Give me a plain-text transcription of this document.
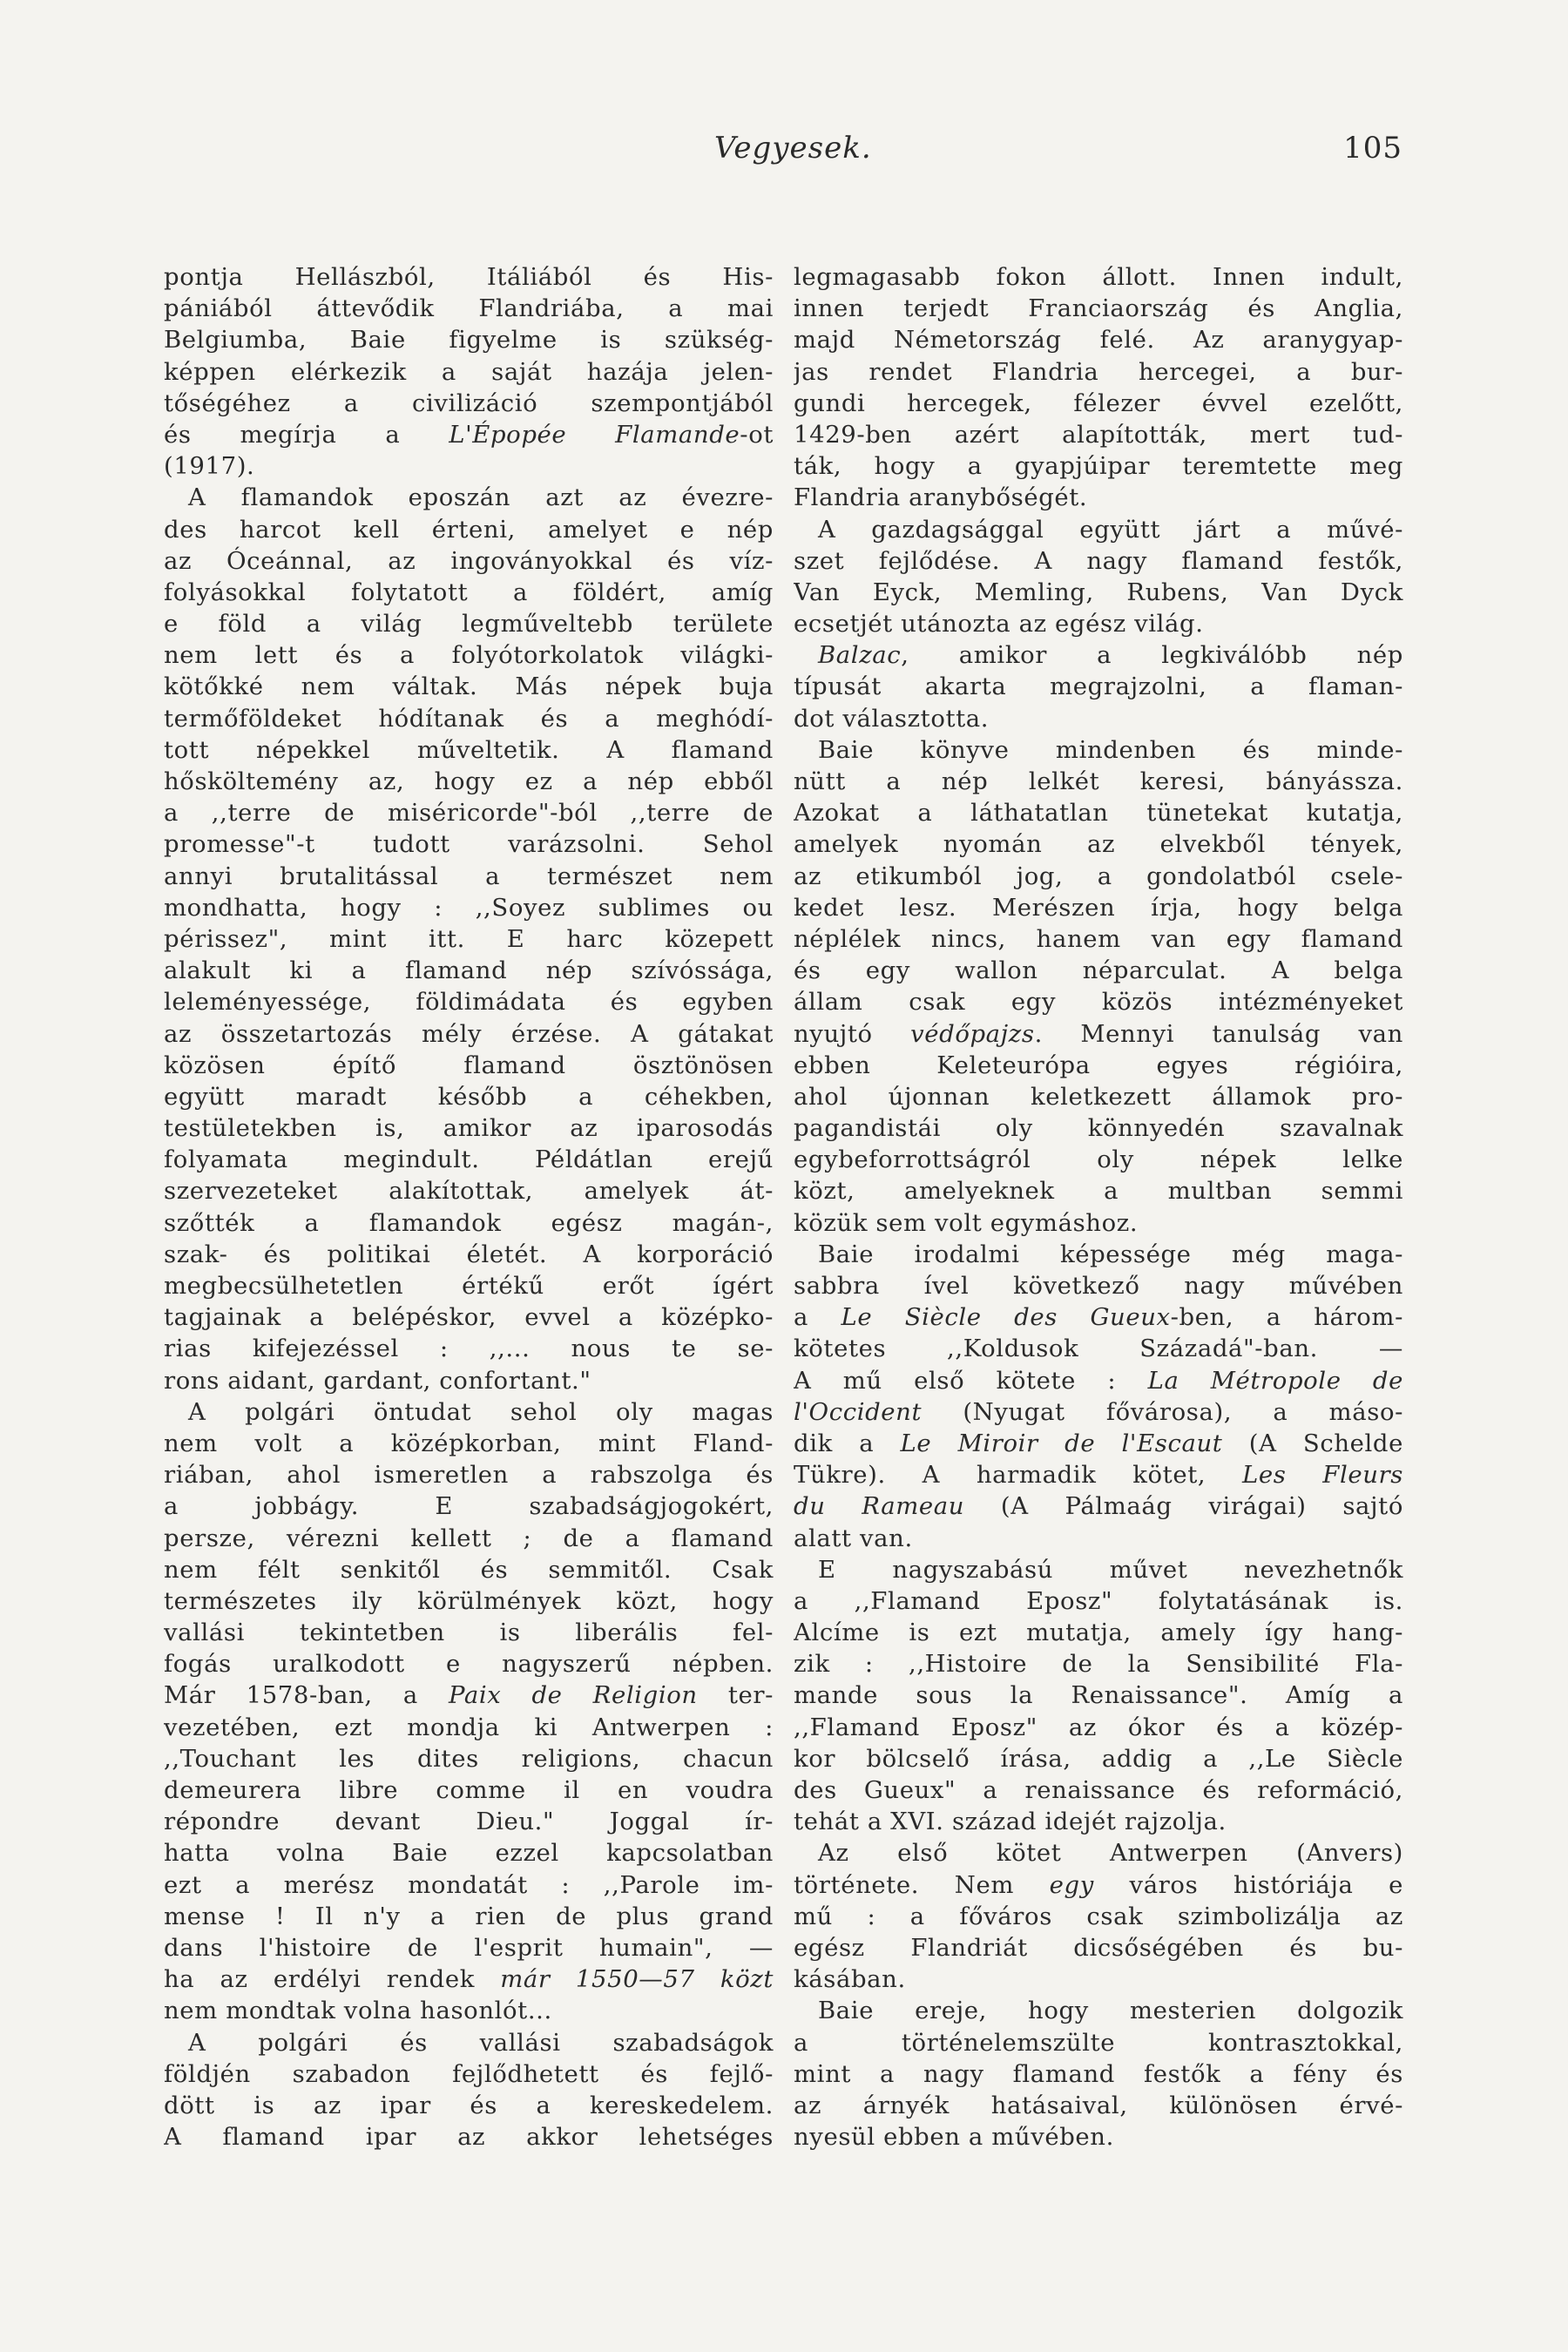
Vegyesek.	105
pontja Hellászból, Itáliából és His-
pániából áttevődik Flandriába, a mai
Belgiumba, Baie figyelme is szükség-
képpen elérkezik a saját hazája jelen-
tőségéhez a civilizáció szempontjából
és megírja a L'Épopée Flamande-ot
(1917).
A flamandok eposzán azt az évezre-
des harcot kell érteni, amelyet e nép
az Óceánnal, az ingoványokkal és víz-
folyásokkal folytatott a földért, amíg
e föld a világ legműveltebb területe
nem lett és a folyótorkolatok világki-
kötőkké nem váltak. Más népek buja
termőföldeket hódítanak és a meghódí-
tott népekkel műveltetik. A flamand
hősköltemény az, hogy ez a nép ebből
a ,,terre de miséricorde"-ból ,,terre de
promesse"-t tudott varázsolni. Sehol
annyi brutalitással a természet nem
mondhatta, hogy : ,,Soyez sublimes ou
périssez", mint itt. E harc közepett
alakult ki a flamand nép szívóssága,
leleményessége, földimádata és egyben
az összetartozás mély érzése. A gátakat
közösen építő flamand ösztönösen
együtt maradt később a céhekben,
testületekben is, amikor az iparosodás
folyamata megindult. Példátlan erejű
szervezeteket alakítottak, amelyek át-
szőtték a flamandok egész magán-,
szak- és politikai életét. A korporáció
megbecsülhetetlen értékű erőt ígért
tagjainak a belépéskor, evvel a középko-
rias kifejezéssel : ,,... nous te se-
rons aidant, gardant, confortant."
A polgári öntudat sehol oly magas
nem volt a középkorban, mint Fland-
riában, ahol ismeretlen a rabszolga és
a jobbágy. E szabadságjogokért,
persze, vérezni kellett ; de a flamand
nem félt senkitől és semmitől. Csak
természetes ily körülmények közt, hogy
vallási tekintetben is liberális fel-
fogás uralkodott e nagyszerű népben.
Már 1578-ban, a Paix de Religion ter-
vezetében, ezt mondja ki Antwerpen :
,,Touchant les dites religions, chacun
demeurera libre comme il en voudra
répondre devant Dieu." Joggal ír-
hatta volna Baie ezzel kapcsolatban
ezt a merész mondatát : ,,Parole im-
mense ! Il n'y a rien de plus grand
dans l'histoire de l'esprit humain", —
ha az erdélyi rendek már 1550—57 közt
nem mondtak volna hasonlót...
A polgári és vallási szabadságok
földjén szabadon fejlődhetett és fejlő-
dött is az ipar és a kereskedelem.
A flamand ipar az akkor lehetséges
legmagasabb fokon állott. Innen indult,
innen terjedt Franciaország és Anglia,
majd Németország felé. Az aranygyap-
jas rendet Flandria hercegei, a bur-
gundi hercegek, félezer évvel ezelőtt,
1429-ben azért alapították, mert tud-
ták, hogy a gyapjúipar teremtette meg
Flandria aranybőségét.
A gazdagsággal együtt járt a művé-
szet fejlődése. A nagy flamand festők,
Van Eyck, Memling, Rubens, Van Dyck
ecsetjét utánozta az egész világ.
Balzac, amikor a legkiválóbb nép
típusát akarta megrajzolni, a flaman-
dot választotta.
Baie könyve mindenben és minde-
nütt a nép lelkét keresi, bányássza.
Azokat a láthatatlan tünetekat kutatja,
amelyek nyomán az elvekből tények,
az etikumból jog, a gondolatból csele-
kedet lesz. Merészen írja, hogy belga
néplélek nincs, hanem van egy flamand
és egy wallon néparculat. A belga
állam csak egy közös intézményeket
nyujtó védőpajzs. Mennyi tanulság van
ebben Keleteurópa egyes régióira,
ahol újonnan keletkezett államok pro-
pagandistái oly könnyedén szavalnak
egybeforrottságról oly népek lelke
közt, amelyeknek a multban semmi
közük sem volt egymáshoz.
Baie irodalmi képessége még maga-
sabbra ível következő nagy művében
a Le Siècle des Gueux-ben, a három-
kötetes ,,Koldusok Századá"-ban. —
A mű első kötete : La Métropole de
l'Occident (Nyugat fővárosa), a máso-
dik a Le Miroir de l'Escaut (A Schelde
Tükre). A harmadik kötet, Les Fleurs
du Rameau (A Pálmaág virágai) sajtó
alatt van.
E nagyszabású művet nevezhetnők
a ,,Flamand Eposz" folytatásának is.
Alcíme is ezt mutatja, amely így hang-
zik : ,,Histoire de la Sensibilité Fla-
mande sous la Renaissance". Amíg a
,,Flamand Eposz" az ókor és a közép-
kor bölcselő írása, addig a ,,Le Siècle
des Gueux" a renaissance és reformáció,
tehát a XVI. század idejét rajzolja.
Az első kötet Antwerpen (Anvers)
története. Nem egy város históriája e
mű : a főváros csak szimbolizálja az
egész Flandriát dicsőségében és bu-
kásában.
Baie ereje, hogy mesterien dolgozik
a történelemszülte kontrasztokkal,
mint a nagy flamand festők a fény és
az árnyék hatásaival, különösen érvé-
nyesül ebben a művében.
